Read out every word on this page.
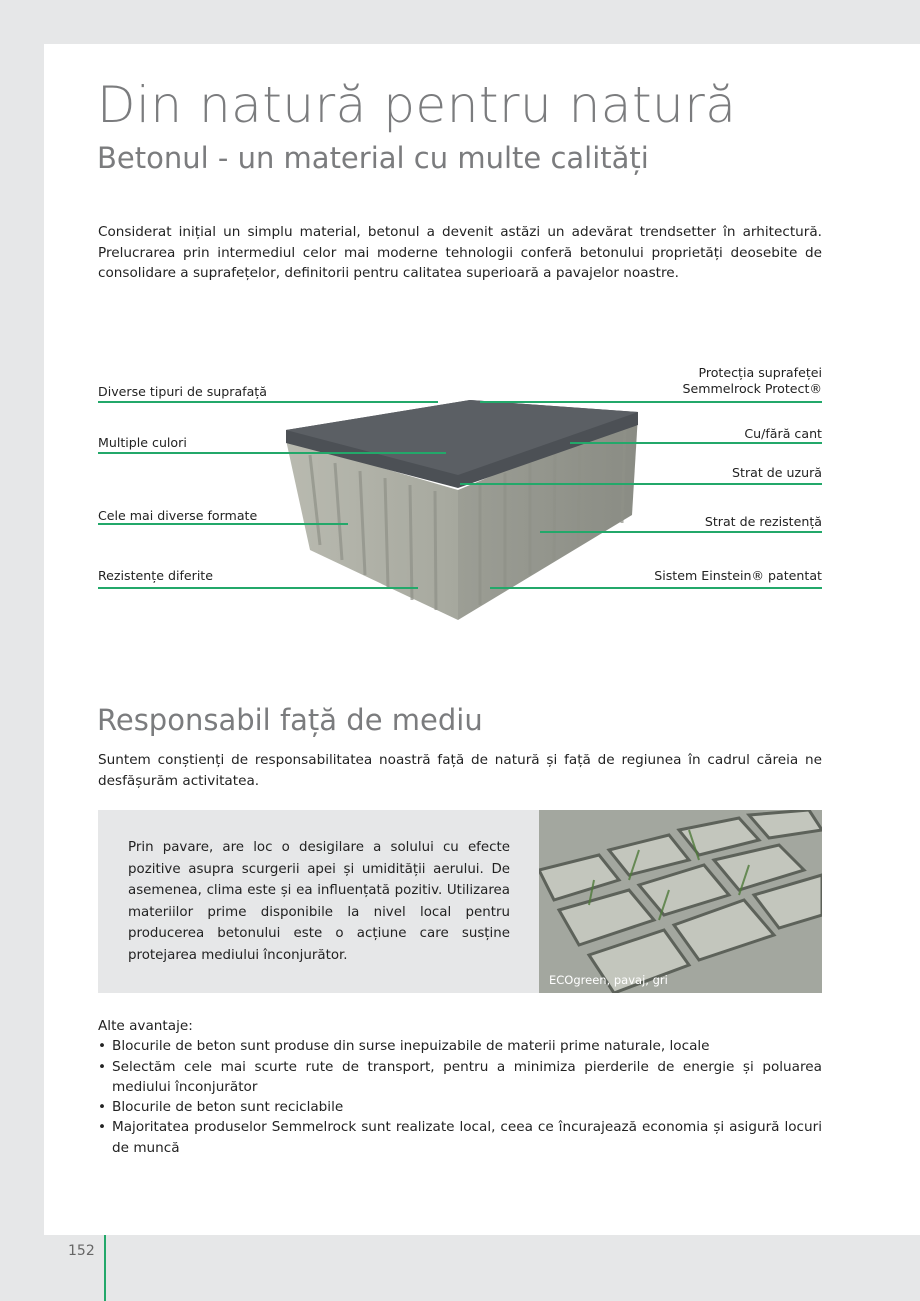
Din natură pentru natură
Betonul - un material cu multe calități
Considerat inițial un simplu material, betonul a devenit astăzi un adevărat trendsetter în arhitectură. Prelucrarea prin intermediul celor mai moderne tehnologii conferă betonului proprietăți deosebite de consolidare a suprafețelor, definitorii pentru calitatea superioară a pavajelor noastre.
Diverse tipuri de suprafață
Multiple culori
Cele mai diverse formate
Rezistențe diferite
Protecția suprafeței
Semmelrock Protect®
Cu/fără cant
Strat de uzură
Strat de rezistență
Sistem Einstein® patentat
Responsabil față de mediu
Suntem conștienți de responsabilitatea noastră față de natură și față de regiunea în cadrul căreia ne desfășurăm activitatea.

Prin pavare, are loc o desigilare a solului cu efecte pozitive asupra scurgerii apei și umidității aerului. De asemenea, clima este și ea influențată pozitiv. Utilizarea materiilor prime disponibile la nivel local pentru producerea betonului este o acțiune care susține protejarea mediului înconjurător.

ECOgreen, pavaj, gri
Alte avantaje:
• Blocurile de beton sunt produse din surse inepuizabile de materii prime naturale, locale
• Selectăm cele mai scurte rute de transport, pentru a minimiza pierderile de energie și poluarea mediului înconjurător
• Blocurile de beton sunt reciclabile
• Majoritatea produselor Semmelrock sunt realizate local, ceea ce încurajează economia și asigură locuri de muncă
152
